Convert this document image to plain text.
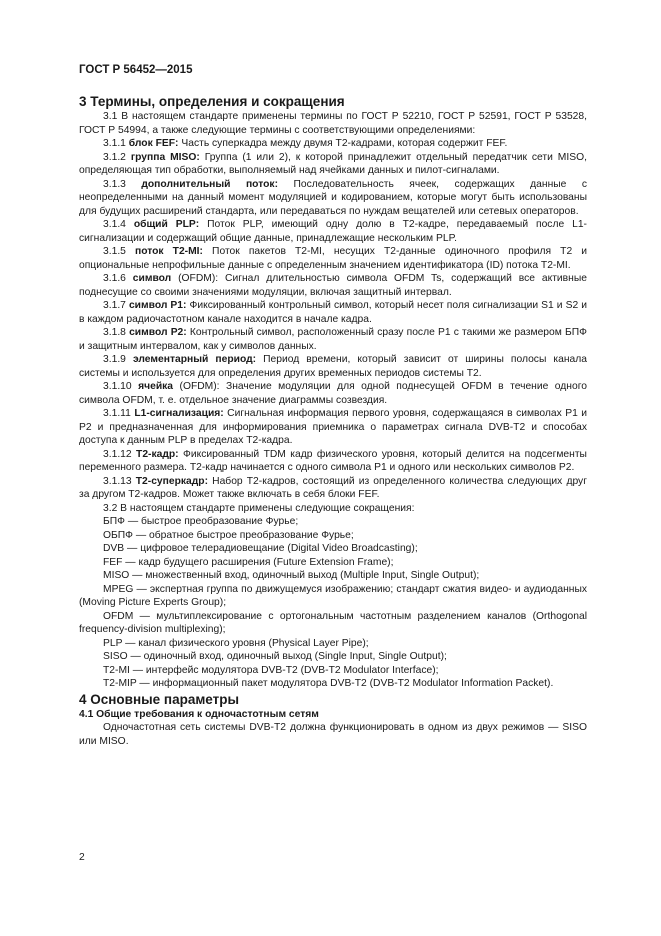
ГОСТ Р 56452—2015

3 Термины, определения и сокращения

3.1 В настоящем стандарте применены термины по ГОСТ Р 52210, ГОСТ Р 52591, ГОСТ Р 53528, ГОСТ Р 54994, а также следующие термины с соответствующими определениями:

3.1.1 блок FEF: Часть суперкадра между двумя T2-кадрами, которая содержит FEF.

3.1.2 группа MISO: Группа (1 или 2), к которой принадлежит отдельный передатчик сети MISO, определяющая тип обработки, выполняемый над ячейками данных и пилот-сигналами.

3.1.3 дополнительный поток: Последовательность ячеек, содержащих данные с неопределенными на данный момент модуляцией и кодированием, которые могут быть использованы для будущих расширений стандарта, или передаваться по нуждам вещателей или сетевых операторов.

3.1.4 общий PLP: Поток PLP, имеющий одну долю в T2-кадре, передаваемый после L1-сигнализации и содержащий общие данные, принадлежащие нескольким PLP.

3.1.5 поток T2-MI: Поток пакетов T2-MI, несущих T2-данные одиночного профиля T2 и опциональные непрофильные данные с определенным значением идентификатора (ID) потока T2-MI.

3.1.6 символ (OFDM): Сигнал длительностью символа OFDM Ts, содержащий все активные поднесущие со своими значениями модуляции, включая защитный интервал.

3.1.7 символ P1: Фиксированный контрольный символ, который несет поля сигнализации S1 и S2 и в каждом радиочастотном канале находится в начале кадра.

3.1.8 символ P2: Контрольный символ, расположенный сразу после P1 с такими же размером БПФ и защитным интервалом, как у символов данных.

3.1.9 элементарный период: Период времени, который зависит от ширины полосы канала системы и используется для определения других временных периодов системы T2.

3.1.10 ячейка (OFDM): Значение модуляции для одной поднесущей OFDM в течение одного символа OFDM, т. е. отдельное значение диаграммы созвездия.

3.1.11 L1-сигнализация: Сигнальная информация первого уровня, содержащаяся в символах P1 и P2 и предназначенная для информирования приемника о параметрах сигнала DVB-T2 и способах доступа к данным PLP в пределах T2-кадра.

3.1.12 T2-кадр: Фиксированный TDM кадр физического уровня, который делится на подсегменты переменного размера. T2-кадр начинается с одного символа P1 и одного или нескольких символов P2.

3.1.13 T2-суперкадр: Набор T2-кадров, состоящий из определенного количества следующих друг за другом T2-кадров. Может также включать в себя блоки FEF.

3.2 В настоящем стандарте применены следующие сокращения:

БПФ — быстрое преобразование Фурье;

ОБПФ — обратное быстрое преобразование Фурье;

DVB — цифровое телерадиовещание (Digital Video Broadcasting);

FEF — кадр будущего расширения (Future Extension Frame);

MISO — множественный вход, одиночный выход (Multiple Input, Single Output);

MPEG — экспертная группа по движущемуся изображению; стандарт сжатия видео- и аудиоданных (Moving Picture Experts Group);

OFDM — мультиплексирование с ортогональным частотным разделением каналов (Orthogonal frequency-division multiplexing);

PLP — канал физического уровня (Physical Layer Pipe);

SISO — одиночный вход, одиночный выход (Single Input, Single Output);

T2-MI — интерфейс модулятора DVB-T2 (DVB-T2 Modulator Interface);

T2-MIP — информационный пакет модулятора DVB-T2 (DVB-T2 Modulator Information Packet).

4 Основные параметры

4.1 Общие требования к одночастотным сетям

Одночастотная сеть системы DVB-T2 должна функционировать в одном из двух режимов — SISO или MISO.

2
